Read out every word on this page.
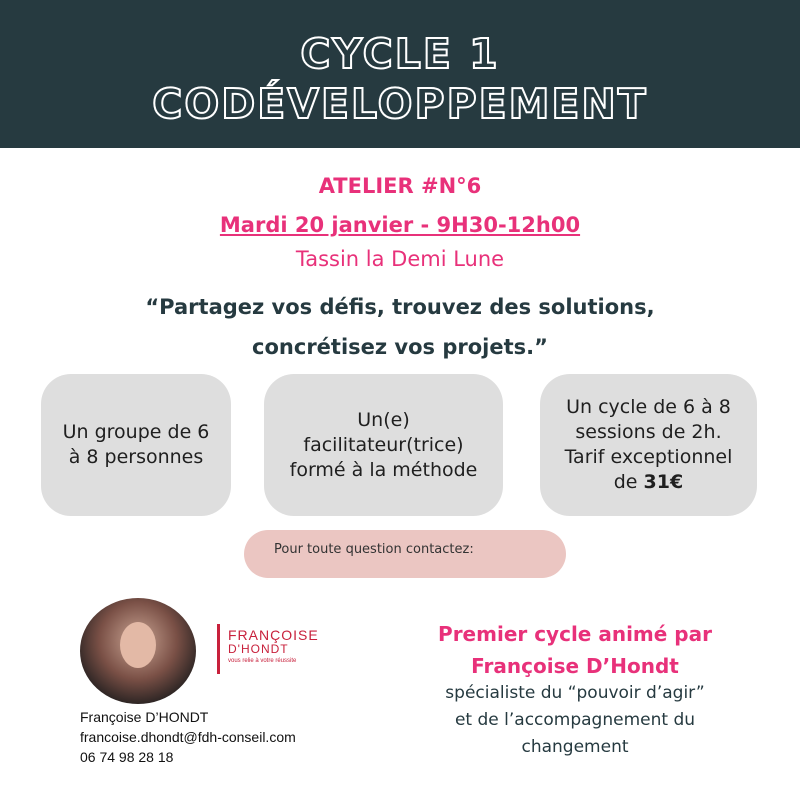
CYCLE 1
CODÉVELOPPEMENT
ATELIER #N°6
Mardi 20 janvier - 9H30-12h00
Tassin la Demi Lune
“Partagez vos défis, trouvez des solutions,
concrétisez vos projets.”
Un groupe de 6
à 8 personnes
Un(e)
facilitateur(trice)
formé à la méthode
Un cycle de 6 à 8
sessions de 2h.
Tarif exceptionnel
de 31€
Pour toute question contactez:
FRANÇOISE
D'HONDT
vous relie à votre réussite
Françoise D’HONDT
francoise.dhondt@fdh-conseil.com
06 74 98 28 18
Premier cycle animé par
Françoise D’Hondt
spécialiste du “pouvoir d’agir”
et de l’accompagnement du
changement
